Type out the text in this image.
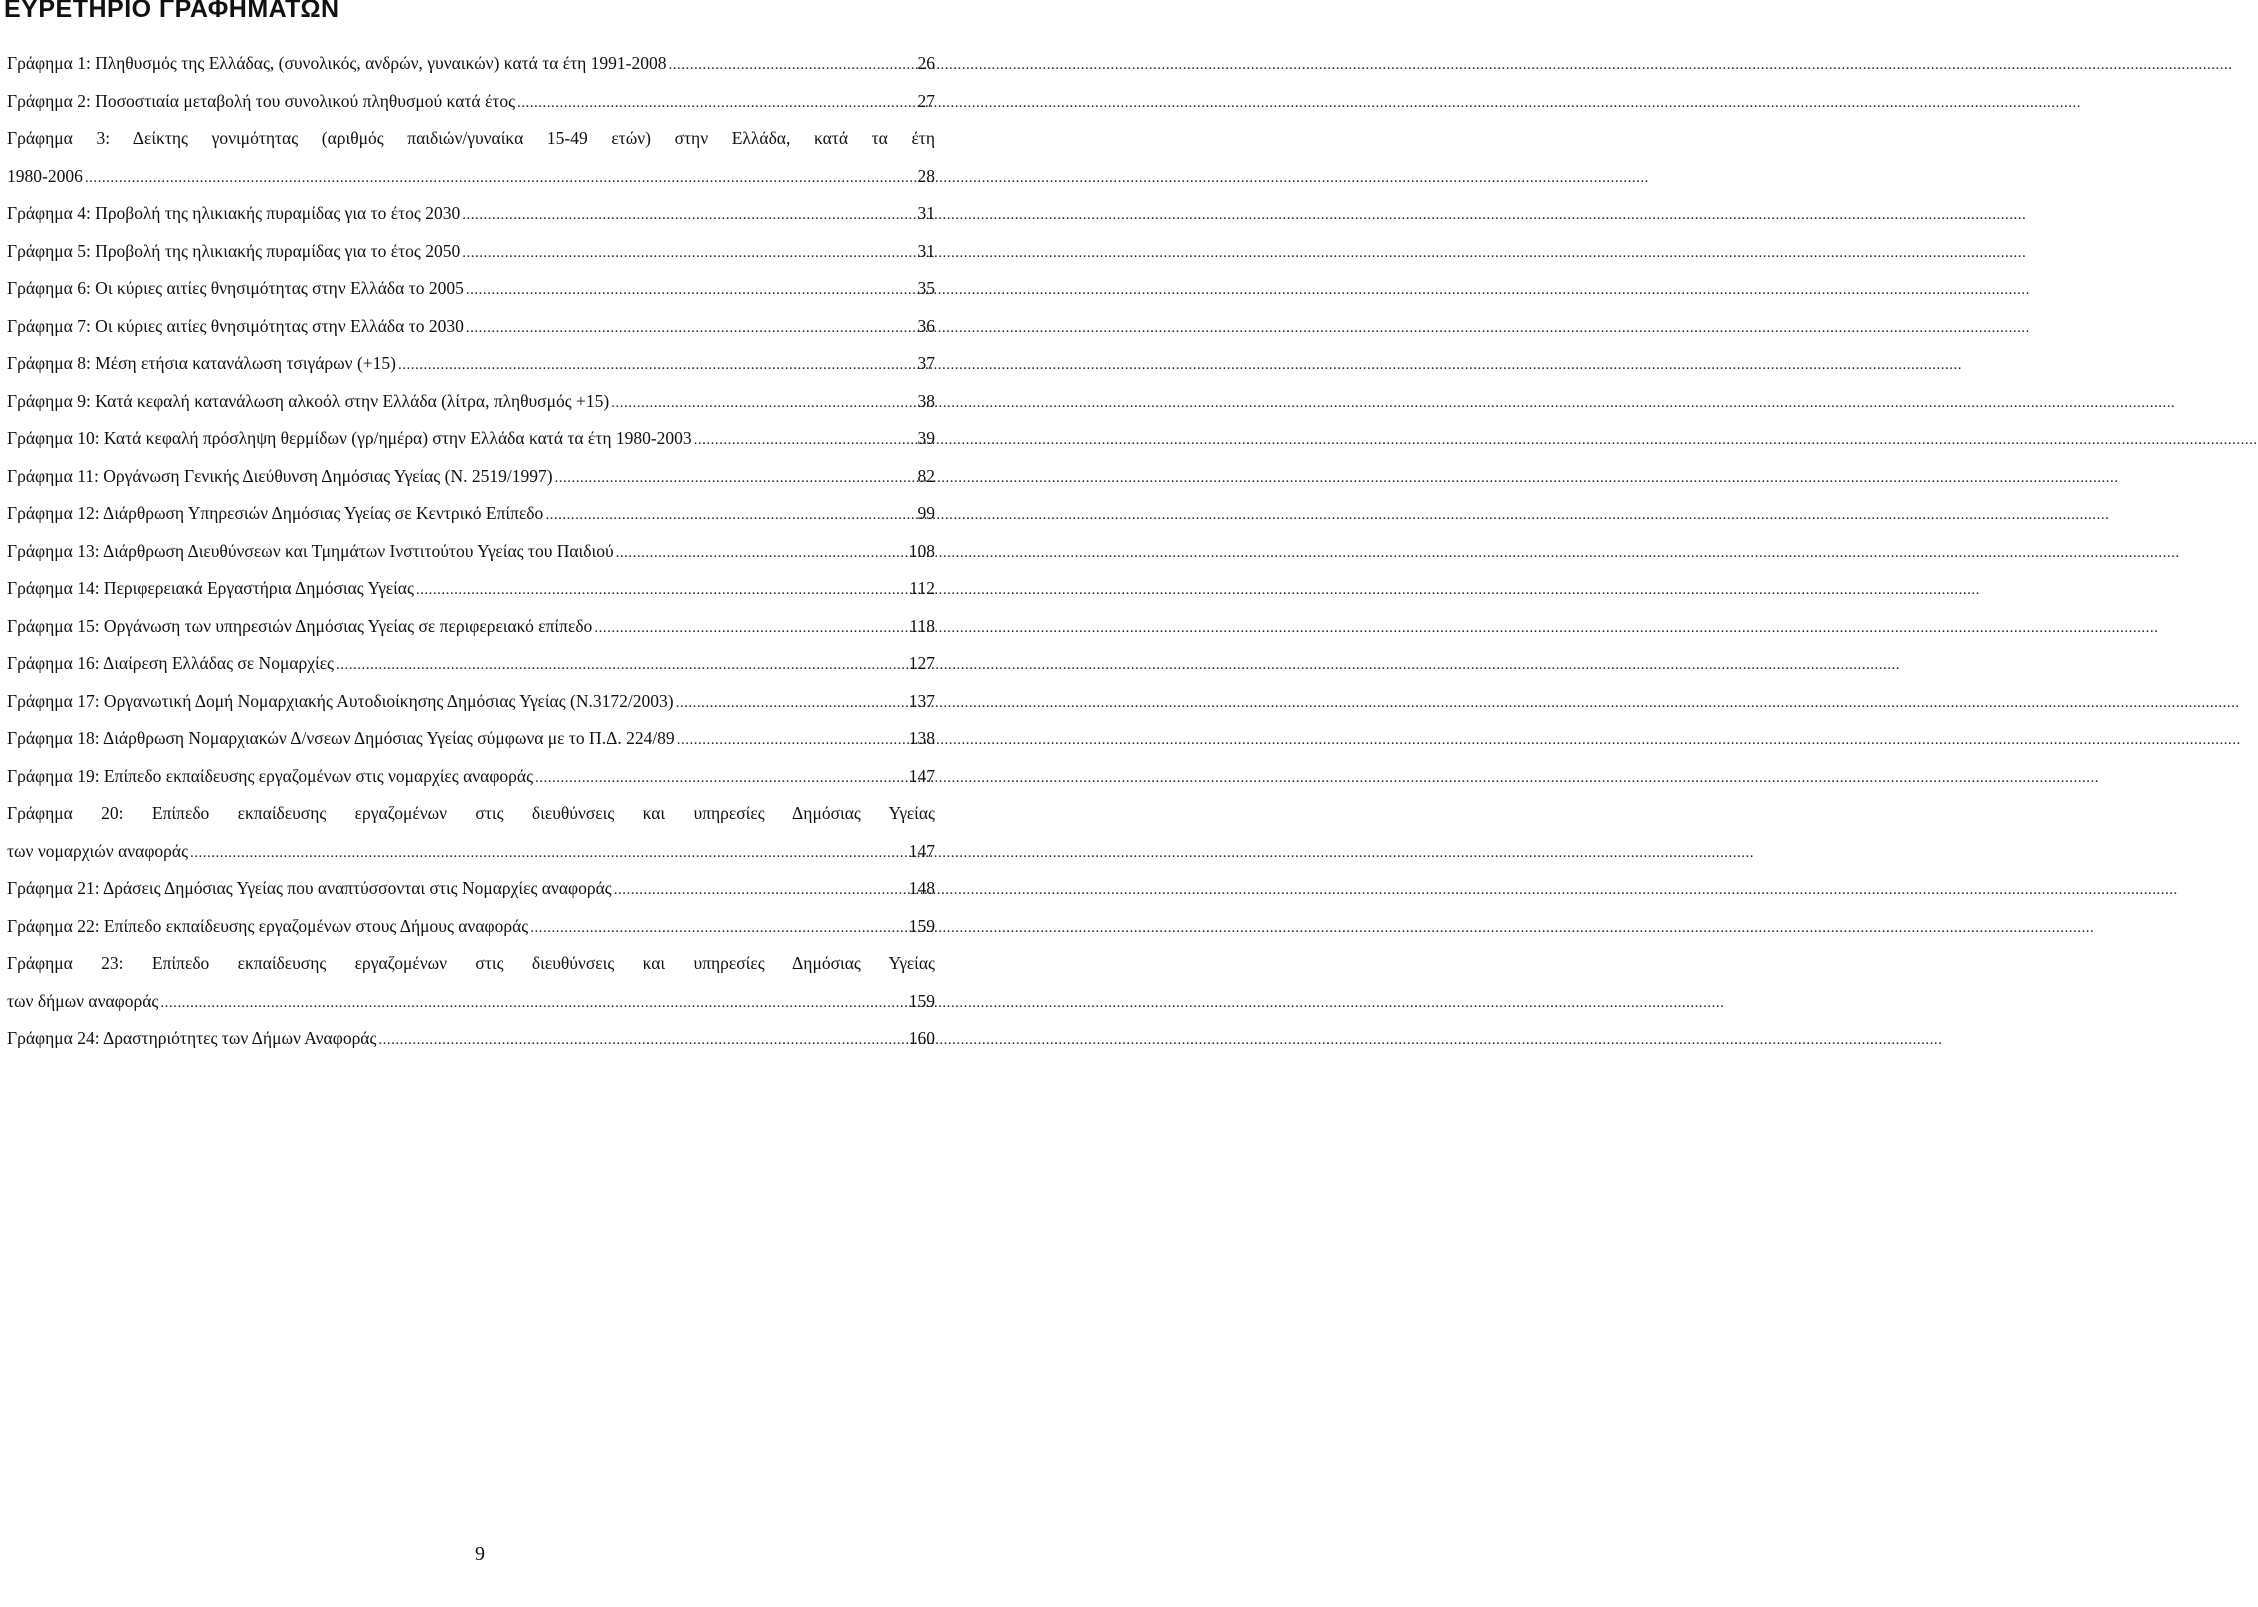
ΕΥΡΕΤΗΡΙΟ ΓΡΑΦΗΜΑΤΩΝ
Γράφημα 1: Πληθυσμός της Ελλάδας, (συνολικός, ανδρών, γυναικών) κατά τα έτη 1991-2008 .....	26
Γράφημα 2: Ποσοστιαία μεταβολή του συνολικού πληθυσμού κατά έτος .....	27
Γράφημα 3: Δείκτης γονιμότητας (αριθμός παιδιών/γυναίκα 15-49 ετών) στην Ελλάδα, κατά τα έτη
1980-2006 .....	28
Γράφημα 4: Προβολή της ηλικιακής πυραμίδας για το έτος 2030 .....	31
Γράφημα 5: Προβολή της ηλικιακής πυραμίδας για το έτος 2050 .....	31
Γράφημα 6: Οι κύριες αιτίες θνησιμότητας στην Ελλάδα το 2005 .....	35
Γράφημα 7: Οι κύριες αιτίες θνησιμότητας στην Ελλάδα το 2030 .....	36
Γράφημα 8: Μέση ετήσια κατανάλωση τσιγάρων (+15) .....	37
Γράφημα 9: Κατά κεφαλή κατανάλωση αλκοόλ στην Ελλάδα (λίτρα, πληθυσμός +15) .....	38
Γράφημα 10: Κατά κεφαλή πρόσληψη θερμίδων (γρ/ημέρα) στην Ελλάδα κατά τα έτη 1980-2003 .....	39
Γράφημα 11: Οργάνωση Γενικής Διεύθυνση Δημόσιας Υγείας (Ν. 2519/1997) .....	82
Γράφημα 12: Διάρθρωση Υπηρεσιών Δημόσιας Υγείας σε Κεντρικό Επίπεδο .....	99
Γράφημα 13: Διάρθρωση Διευθύνσεων και Τμημάτων Ινστιτούτου Υγείας του Παιδιού .....	108
Γράφημα 14: Περιφερειακά Εργαστήρια Δημόσιας Υγείας .....	112
Γράφημα 15: Οργάνωση των υπηρεσιών Δημόσιας Υγείας σε περιφερειακό επίπεδο .....	118
Γράφημα 16: Διαίρεση Ελλάδας σε Νομαρχίες .....	127
Γράφημα 17: Οργανωτική Δομή Νομαρχιακής Αυτοδιοίκησης Δημόσιας Υγείας (Ν.3172/2003) .....	137
Γράφημα 18: Διάρθρωση Νομαρχιακών Δ/νσεων Δημόσιας Υγείας σύμφωνα με το Π.Δ. 224/89 .....	138
Γράφημα 19: Επίπεδο εκπαίδευσης εργαζομένων στις νομαρχίες αναφοράς .....	147
Γράφημα 20: Επίπεδο εκπαίδευσης εργαζομένων στις διευθύνσεις και υπηρεσίες Δημόσιας Υγείας
των νομαρχιών αναφοράς .....	147
Γράφημα 21: Δράσεις Δημόσιας Υγείας που αναπτύσσονται στις Νομαρχίες αναφοράς .....	148
Γράφημα 22: Επίπεδο εκπαίδευσης εργαζομένων στους Δήμους αναφοράς .....	159
Γράφημα 23: Επίπεδο εκπαίδευσης εργαζομένων στις διευθύνσεις και υπηρεσίες Δημόσιας Υγείας
των δήμων αναφοράς .....	159
Γράφημα 24: Δραστηριότητες των Δήμων Αναφοράς .....	160
9
